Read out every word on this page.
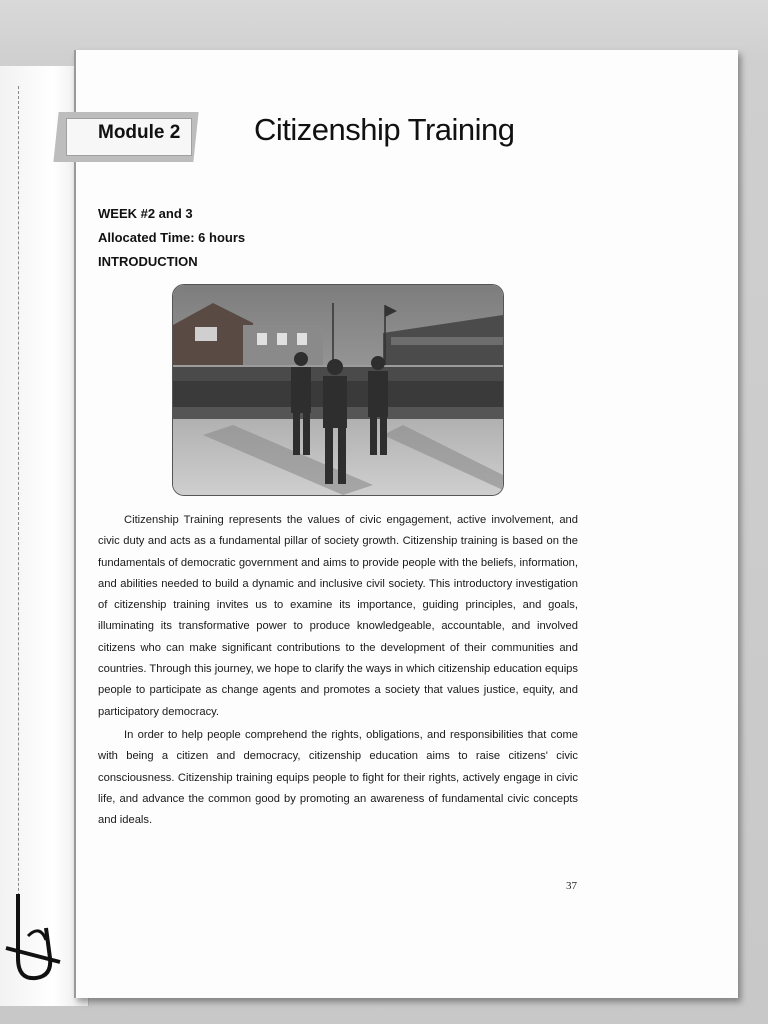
Module 2 Citizenship Training
WEEK #2 and 3
Allocated Time: 6 hours
INTRODUCTION

Citizenship Training represents the values of civic engagement, active involvement, and civic duty and acts as a fundamental pillar of society growth. Citizenship training is based on the fundamentals of democratic government and aims to provide people with the beliefs, information, and abilities needed to build a dynamic and inclusive civil society. This introductory investigation of citizenship training invites us to examine its importance, guiding principles, and goals, illuminating its transformative power to produce knowledgeable, accountable, and involved citizens who can make significant contributions to the development of their communities and countries. Through this journey, we hope to clarify the ways in which citizenship education equips people to participate as change agents and promotes a society that values justice, equity, and participatory democracy.

In order to help people comprehend the rights, obligations, and responsibilities that come with being a citizen and democracy, citizenship education aims to raise citizens' civic consciousness. Citizenship training equips people to fight for their rights, actively engage in civic life, and advance the common good by promoting an awareness of fundamental civic concepts and ideals.

37
